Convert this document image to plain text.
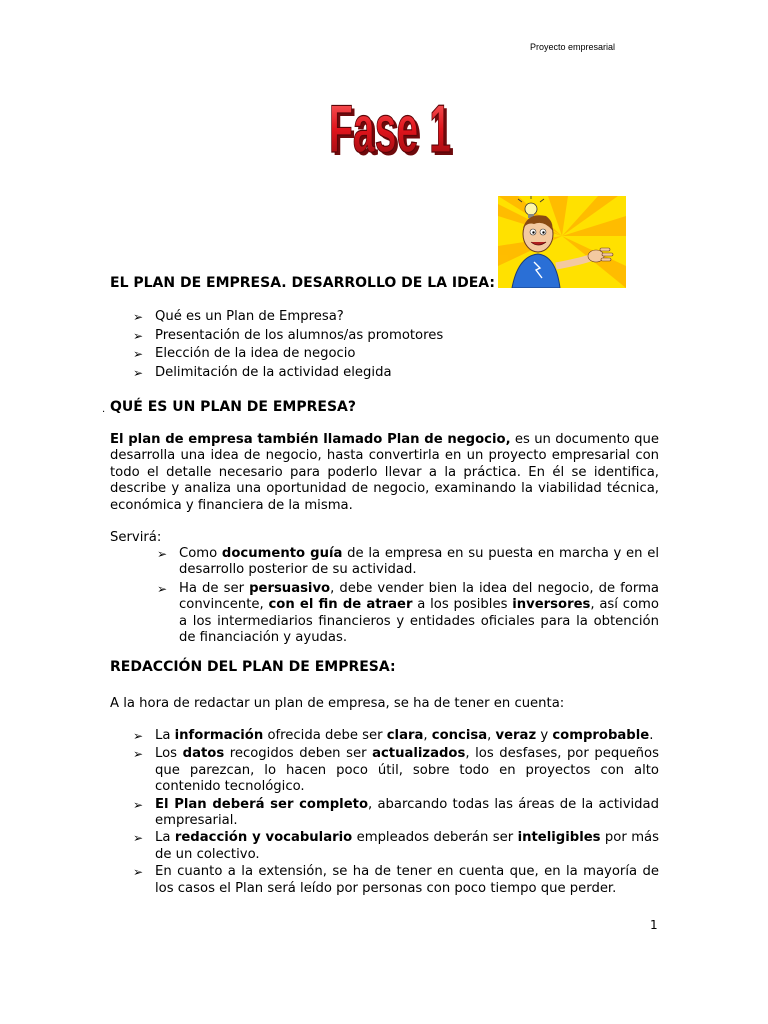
Proyecto empresarial
Fase 1
Fase 1
EL PLAN DE EMPRESA. DESARROLLO DE LA IDEA:
➢ Qué es un Plan de Empresa?
➢ Presentación de los alumnos/as promotores
➢ Elección de la idea de negocio
➢ Delimitación de la actividad elegida
. QUÉ ES UN PLAN DE EMPRESA?

El plan de empresa también llamado Plan de negocio, es un documento que desarrolla una idea de negocio, hasta convertirla en un proyecto empresarial con todo el detalle necesario para poderlo llevar a la práctica. En él se identifica, describe y analiza una oportunidad de negocio, examinando la viabilidad técnica, económica y financiera de la misma.

Servirá:
➢ Como documento guía de la empresa en su puesta en marcha y en el desarrollo posterior de su actividad.
➢ Ha de ser persuasivo, debe vender bien la idea del negocio, de forma convincente, con el fin de atraer a los posibles inversores, así como a los intermediarios financieros y entidades oficiales para la obtención de financiación y ayudas.
REDACCIÓN DEL PLAN DE EMPRESA:
A la hora de redactar un plan de empresa, se ha de tener en cuenta:
➢ La información ofrecida debe ser clara, concisa, veraz y comprobable.
➢ Los datos recogidos deben ser actualizados, los desfases, por pequeños que parezcan, lo hacen poco útil, sobre todo en proyectos con alto contenido tecnológico.
➢ El Plan deberá ser completo, abarcando todas las áreas de la actividad empresarial.
➢ La redacción y vocabulario empleados deberán ser inteligibles por más de un colectivo.
➢ En cuanto a la extensión, se ha de tener en cuenta que, en la mayoría de los casos el Plan será leído por personas con poco tiempo que perder.
1
